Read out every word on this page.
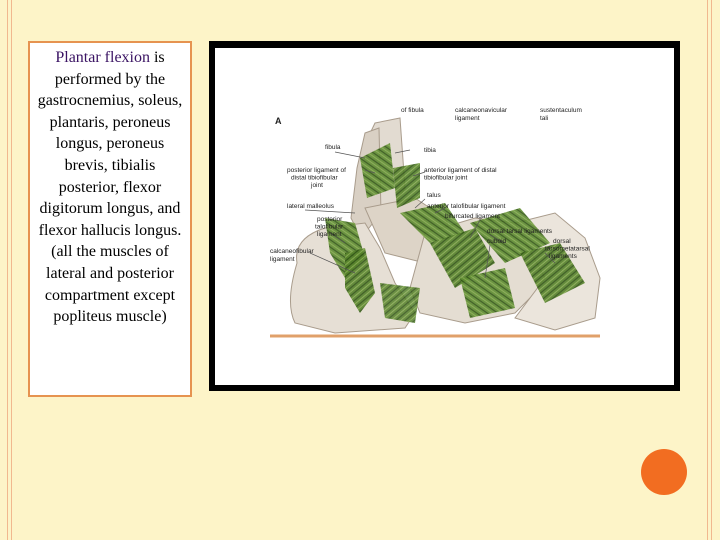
Plantar flexion is performed by the gastrocnemius, soleus, plantaris, peroneus longus, peroneus brevis, tibialis posterior, flexor digitorum longus, and flexor hallucis longus. (all the muscles of lateral and posterior compartment except popliteus muscle)
A
of fibula	calcaneonavicular ligament
sustentaculum tali
fibula	tibia
posterior ligament of distal tibiofibular joint
anterior ligament of distal tibiofibular joint
talus
lateral malleolus	anterior talofibular ligament
posterior talofibular ligament
bifurcated ligament
dorsal tarsal ligaments
cuboid
calcaneofibular ligament
dorsal tarsometatarsal ligaments
